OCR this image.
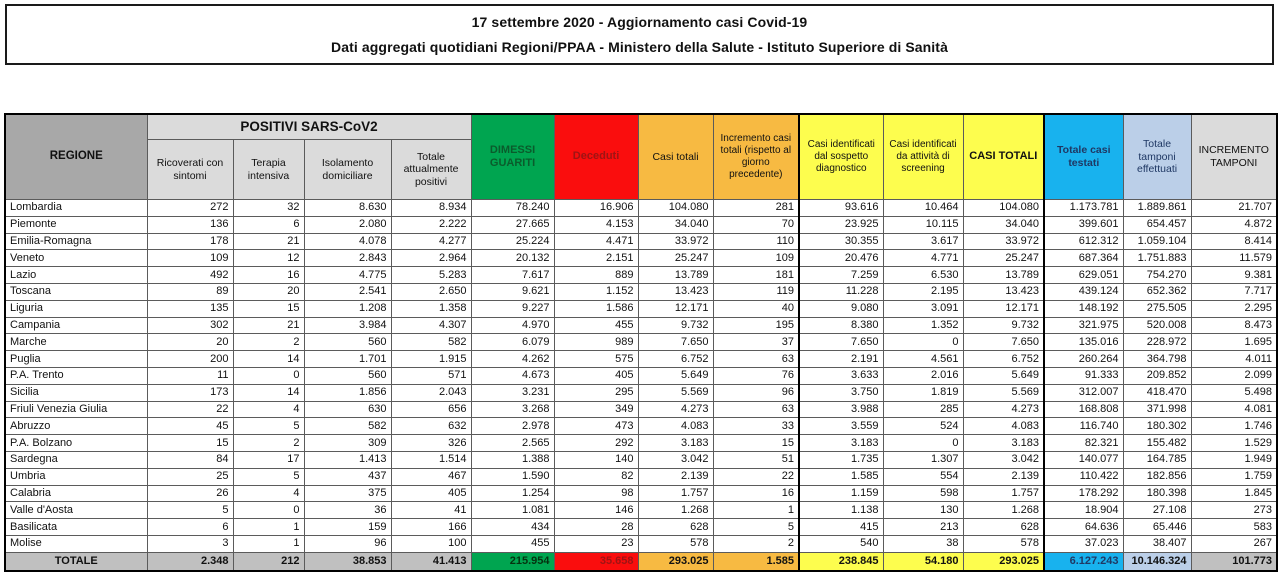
17 settembre 2020 - Aggiornamento casi Covid-19
Dati aggregati quotidiani Regioni/PPAA - Ministero della Salute - Istituto Superiore di Sanità
REGIONE	POSITIVI SARS-CoV2				DIMESSI GUARITI	Deceduti	Casi totali	Incremento casi totali (rispetto al giorno precedente)	Casi identificati dal sospetto diagnostico	Casi identificati da attività di screening	CASI TOTALI	Totale casi testati	Totale tamponi effettuati	INCREMENTO TAMPONI
	Ricoverati con sintomi	Terapia intensiva	Isolamento domiciliare	Totale attualmente positivi										
Lombardia	272	32	8.630	8.934	78.240	16.906	104.080	281	93.616	10.464	104.080	1.173.781	1.889.861	21.707
Piemonte	136	6	2.080	2.222	27.665	4.153	34.040	70	23.925	10.115	34.040	399.601	654.457	4.872
Emilia-Romagna	178	21	4.078	4.277	25.224	4.471	33.972	110	30.355	3.617	33.972	612.312	1.059.104	8.414
Veneto	109	12	2.843	2.964	20.132	2.151	25.247	109	20.476	4.771	25.247	687.364	1.751.883	11.579
Lazio	492	16	4.775	5.283	7.617	889	13.789	181	7.259	6.530	13.789	629.051	754.270	9.381
Toscana	89	20	2.541	2.650	9.621	1.152	13.423	119	11.228	2.195	13.423	439.124	652.362	7.717
Liguria	135	15	1.208	1.358	9.227	1.586	12.171	40	9.080	3.091	12.171	148.192	275.505	2.295
Campania	302	21	3.984	4.307	4.970	455	9.732	195	8.380	1.352	9.732	321.975	520.008	8.473
Marche	20	2	560	582	6.079	989	7.650	37	7.650	0	7.650	135.016	228.972	1.695
Puglia	200	14	1.701	1.915	4.262	575	6.752	63	2.191	4.561	6.752	260.264	364.798	4.011
P.A. Trento	11	0	560	571	4.673	405	5.649	76	3.633	2.016	5.649	91.333	209.852	2.099
Sicilia	173	14	1.856	2.043	3.231	295	5.569	96	3.750	1.819	5.569	312.007	418.470	5.498
Friuli Venezia Giulia	22	4	630	656	3.268	349	4.273	63	3.988	285	4.273	168.808	371.998	4.081
Abruzzo	45	5	582	632	2.978	473	4.083	33	3.559	524	4.083	116.740	180.302	1.746
P.A. Bolzano	15	2	309	326	2.565	292	3.183	15	3.183	0	3.183	82.321	155.482	1.529
Sardegna	84	17	1.413	1.514	1.388	140	3.042	51	1.735	1.307	3.042	140.077	164.785	1.949
Umbria	25	5	437	467	1.590	82	2.139	22	1.585	554	2.139	110.422	182.856	1.759
Calabria	26	4	375	405	1.254	98	1.757	16	1.159	598	1.757	178.292	180.398	1.845
Valle d'Aosta	5	0	36	41	1.081	146	1.268	1	1.138	130	1.268	18.904	27.108	273
Basilicata	6	1	159	166	434	28	628	5	415	213	628	64.636	65.446	583
Molise	3	1	96	100	455	23	578	2	540	38	578	37.023	38.407	267
TOTALE	2.348	212	38.853	41.413	215.954	35.658	293.025	1.585	238.845	54.180	293.025	6.127.243	10.146.324	101.773
